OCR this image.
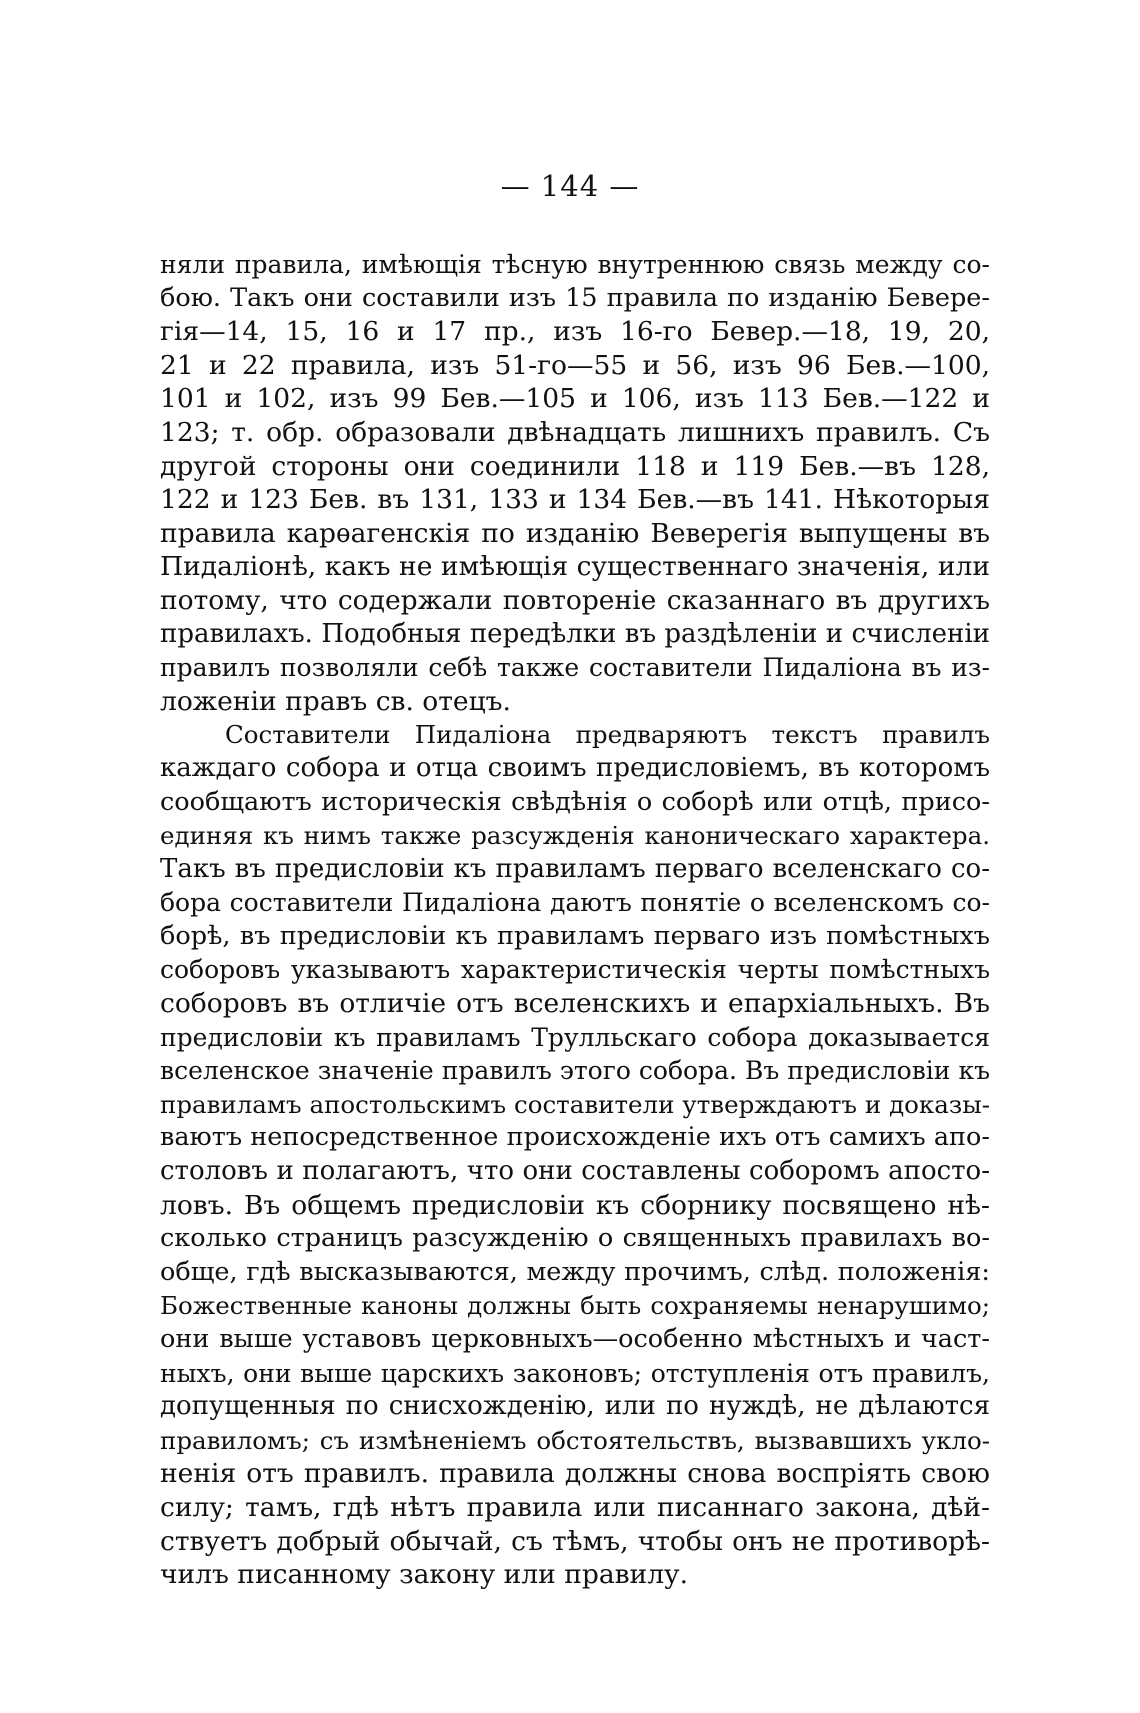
— 144 —
няли правила, имѣющія тѣсную внутреннюю связь между со-
бою. Такъ они составили изъ 15 правила по изданію Бевере-
гія—14, 15, 16 и 17 пр., изъ 16-го Бевер.—18, 19, 20,
21 и 22 правила, изъ 51-го—55 и 56, изъ 96 Бев.—100,
101 и 102, изъ 99 Бев.—105 и 106, изъ 113 Бев.—122 и
123; т. обр. образовали двѣнадцать лишнихъ правилъ. Съ
другой стороны они соединили 118 и 119 Бев.—въ 128,
122 и 123 Бев. въ 131, 133 и 134 Бев.—въ 141. Нѣкоторыя
правила карѳагенскія по изданію Веверегія выпущены въ
Пидаліонѣ, какъ не имѣющія существеннаго значенія, или
потому, что содержали повтореніе сказаннаго въ другихъ
правилахъ. Подобныя передѣлки въ раздѣленіи и счисленіи
правилъ позволяли себѣ также составители Пидаліона въ из-
ложеніи правъ св. отецъ.
Составители Пидаліона предваряютъ текстъ правилъ
каждаго собора и отца своимъ предисловіемъ, въ которомъ
сообщаютъ историческія свѣдѣнія о соборѣ или отцѣ, присо-
единяя къ нимъ также разсужденія каноническаго характера.
Такъ въ предисловіи къ правиламъ перваго вселенскаго со-
бора составители Пидаліона даютъ понятіе о вселенскомъ со-
борѣ, въ предисловіи къ правиламъ перваго изъ помѣстныхъ
соборовъ указываютъ характеристическія черты помѣстныхъ
соборовъ въ отличіе отъ вселенскихъ и епархіальныхъ. Въ
предисловіи къ правиламъ Трулльскаго собора доказывается
вселенское значеніе правилъ этого собора. Въ предисловіи къ
правиламъ апостольскимъ составители утверждаютъ и доказы-
ваютъ непосредственное происхожденіе ихъ отъ самихъ апо-
столовъ и полагаютъ, что они составлены соборомъ апосто-
ловъ. Въ общемъ предисловіи къ сборнику посвящено нѣ-
сколько страницъ разсужденію о священныхъ правилахъ во-
обще, гдѣ высказываются, между прочимъ, слѣд. положенія:
Божественные каноны должны быть сохраняемы ненарушимо;
они выше уставовъ церковныхъ—особенно мѣстныхъ и част-
ныхъ, они выше царскихъ законовъ; отступленія отъ правилъ,
допущенныя по снисхожденію, или по нуждѣ, не дѣлаются
правиломъ; съ измѣненіемъ обстоятельствъ, вызвавшихъ укло-
ненія отъ правилъ. правила должны снова воспріять свою
силу; тамъ, гдѣ нѣтъ правила или писаннаго закона, дѣй-
ствуетъ добрый обычай, съ тѣмъ, чтобы онъ не противорѣ-
чилъ писанному закону или правилу.
